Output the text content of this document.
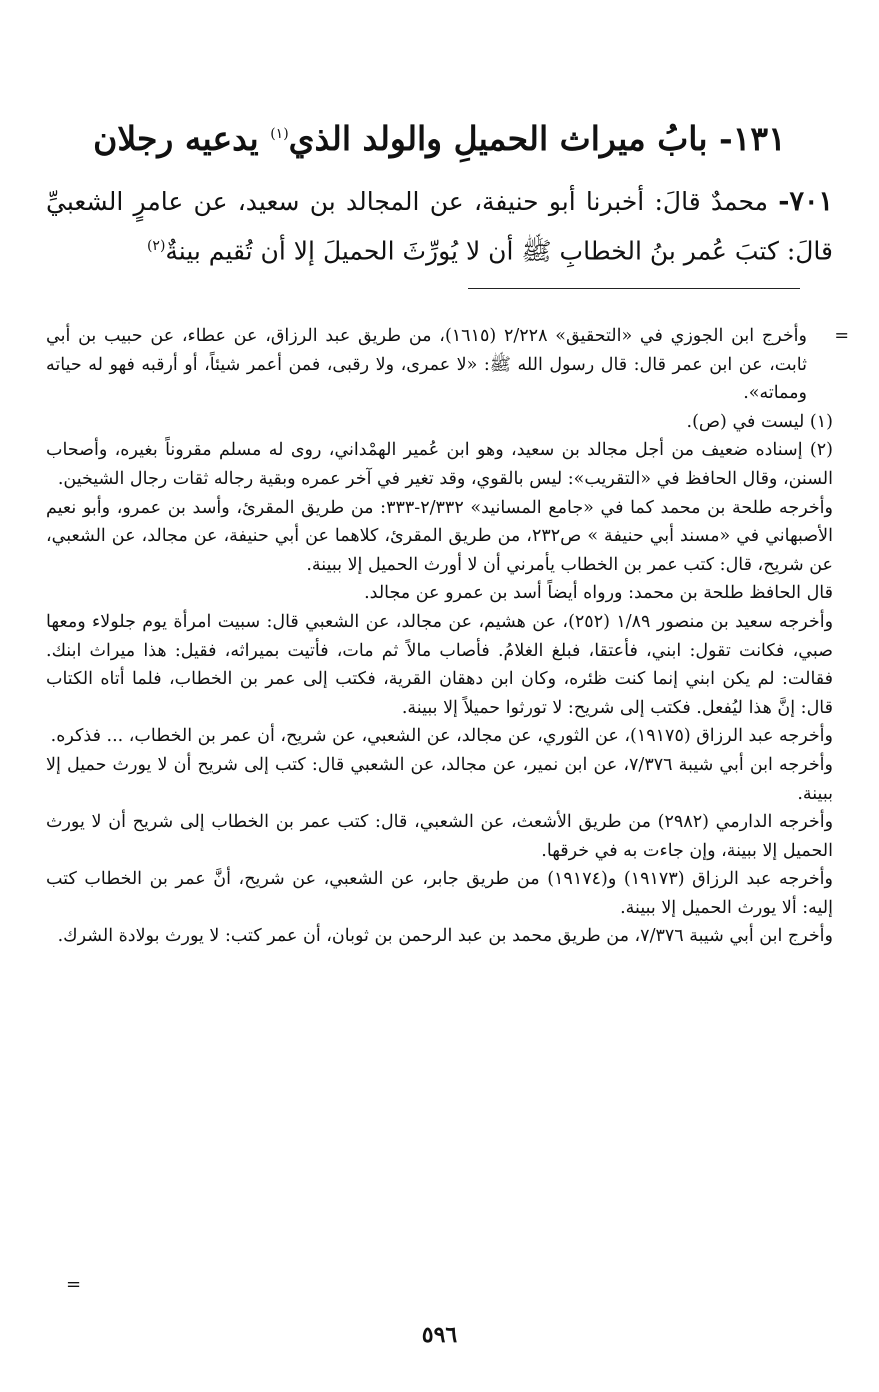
١٣١- بابُ ميراث الحميلِ والولد الذي$^{(١)}$ يدعيه رجلان
٧٠١- محمدٌ قالَ: أخبرنا أبو حنيفة، عن المجالد بن سعيد، عن عامرٍ الشعبيِّ قالَ: كتبَ عُمر بنُ الخطابِ ﷺ أن لا يُورِّثَ الحميلَ إلا أن تُقيم بينةٌ$^{(٢)}$

=
وأخرج ابن الجوزي في «التحقيق» ٢/٢٢٨ (١٦١٥)، من طريق عبد الرزاق، عن عطاء، عن حبيب بن أبي ثابت، عن ابن عمر قال: قال رسول الله ﷺ: «لا عمرى، ولا رقبى، فمن أعمر شيئاً، أو أرقبه فهو له حياته ومماته».

(١) ليست في (ص).

(٢) إسناده ضعيف من أجل مجالد بن سعيد، وهو ابن عُمير الهمْداني، روى له مسلم مقروناً بغيره، وأصحاب السنن، وقال الحافظ في «التقريب»: ليس بالقوي، وقد تغير في آخر عمره وبقية رجاله ثقات رجال الشيخين.

وأخرجه طلحة بن محمد كما في «جامع المسانيد» ٢/٣٣٢-٣٣٣: من طريق المقرئ، وأسد بن عمرو، وأبو نعيم الأصبهاني في «مسند أبي حنيفة » ص٢٣٢، من طريق المقرئ، كلاهما عن أبي حنيفة، عن مجالد، عن الشعبي، عن شريح، قال: كتب عمر بن الخطاب يأمرني أن لا أورث الحميل إلا ببينة.

قال الحافظ طلحة بن محمد: ورواه أيضاً أسد بن عمرو عن مجالد.

وأخرجه سعيد بن منصور ١/٨٩ (٢٥٢)، عن هشيم، عن مجالد، عن الشعبي قال: سبيت امرأة يوم جلولاء ومعها صبي، فكانت تقول: ابني، فأعتقا، فبلغ الغلامُ. فأصاب مالاً ثم مات، فأتيت بميراثه، فقيل: هذا ميراث ابنك. فقالت: لم يكن ابني إنما كنت ظئره، وكان ابن دهقان القرية، فكتب إلى عمر بن الخطاب، فلما أتاه الكتاب قال: إنَّ هذا ليُفعل. فكتب إلى شريح: لا تورثوا حميلاً إلا ببينة.

وأخرجه عبد الرزاق (١٩١٧٥)، عن الثوري، عن مجالد، عن الشعبي، عن شريح، أن عمر بن الخطاب، ... فذكره.

وأخرجه ابن أبي شيبة ٧/٣٧٦، عن ابن نمير، عن مجالد، عن الشعبي قال: كتب إلى شريح أن لا يورث حميل إلا ببينة.

وأخرجه الدارمي (٢٩٨٢) من طريق الأشعث، عن الشعبي، قال: كتب عمر بن الخطاب إلى شريح أن لا يورث الحميل إلا ببينة، وإن جاءت به في خرقها.

وأخرجه عبد الرزاق (١٩١٧٣) و(١٩١٧٤) من طريق جابر، عن الشعبي، عن شريح، أنَّ عمر بن الخطاب كتب إليه: ألا يورث الحميل إلا ببينة.

وأخرج ابن أبي شيبة ٧/٣٧٦، من طريق محمد بن عبد الرحمن بن ثوبان، أن عمر كتب: لا يورث بولادة الشرك.

=
٥٩٦
